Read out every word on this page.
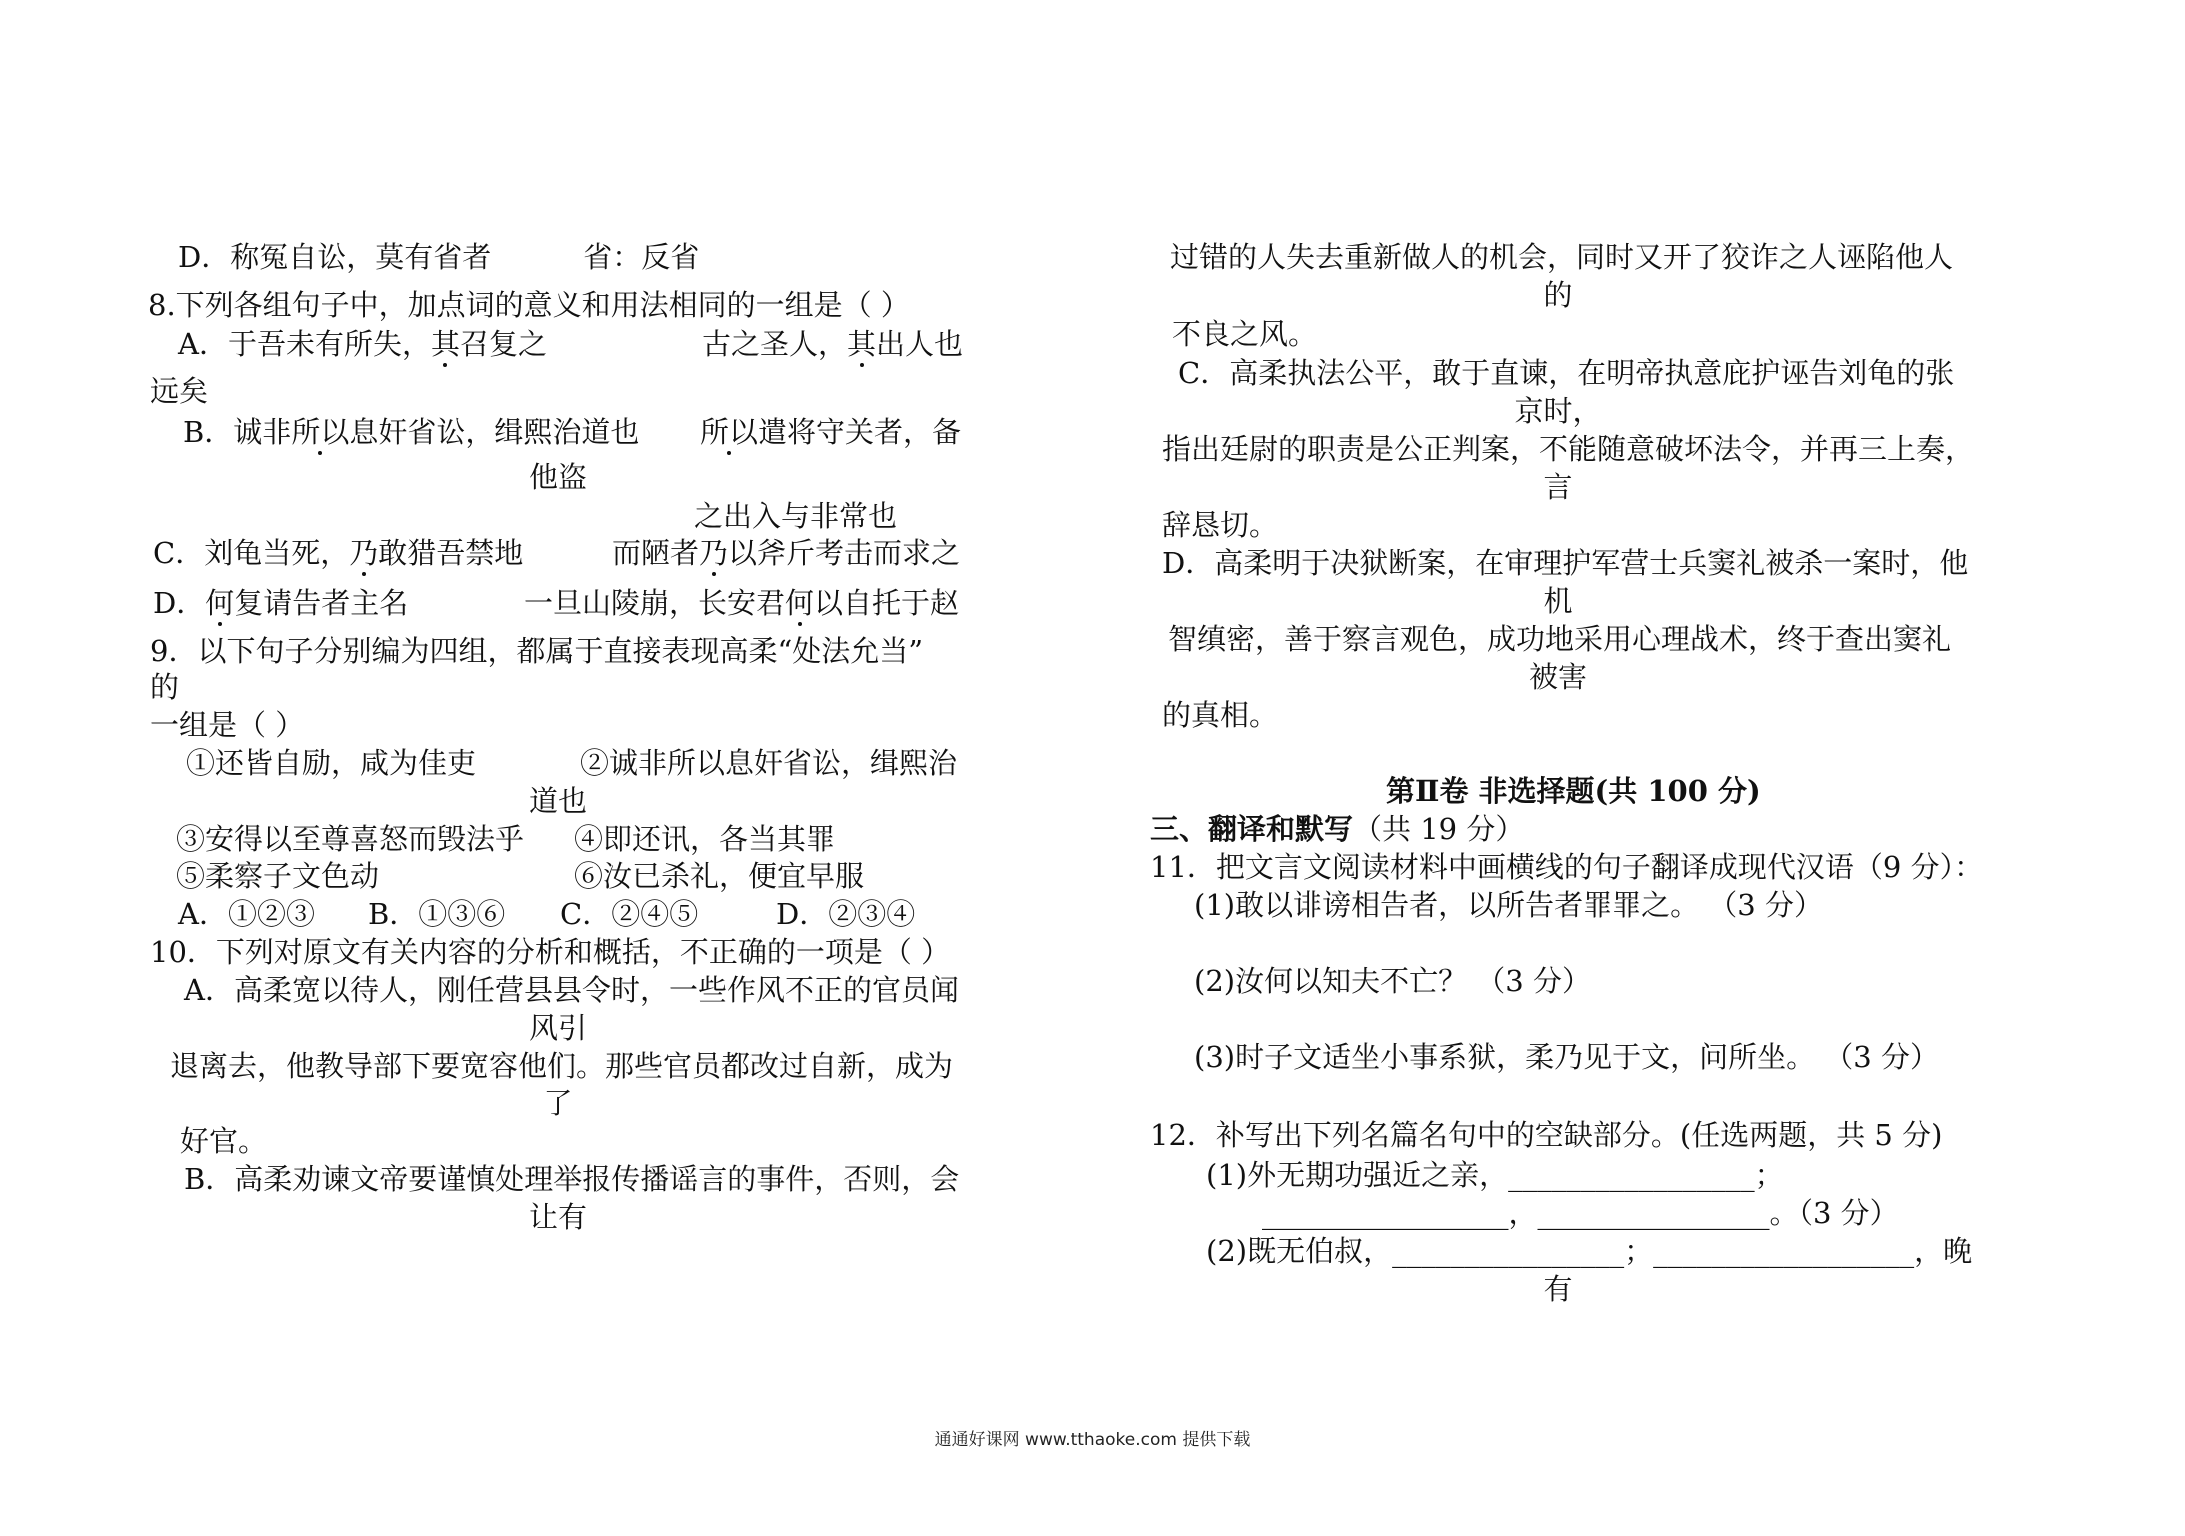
D．称冤自讼，莫有省者	省：反省
8.下列各组句子中，加点词的意义和用法相同的一组是（ ）
A．于吾未有所失，其召复之	古之圣人，其出人也
远矣
B．诚非所以息奸省讼，缉熙治道也 所以遣将守关者，备
他盗
之出入与非常也
C．刘龟当死，乃敢猎吾禁地	而陋者乃以斧斤考击而求之
D．何复请告者主名	一旦山陵崩，长安君何以自托于赵
9．以下句子分别编为四组，都属于直接表现高柔“处法允当”
的
一组是（ ）
①还皆自励，咸为佳吏	②诚非所以息奸省讼，缉熙治
道也
③安得以至尊喜怒而毁法乎 ④即还讯，各当其罪
⑤柔察子文色动	⑥汝已杀礼，便宜早服
A．①②③ B．①③⑥ C．②④⑤	D．②③④
10．下列对原文有关内容的分析和概括，不正确的一项是（ ）
A．高柔宽以待人，刚任营县县令时，一些作风不正的官员闻
风引
退离去，他教导部下要宽容他们。那些官员都改过自新，成为
了
好官。
B．高柔劝谏文帝要谨慎处理举报传播谣言的事件，否则，会
让有
过错的人失去重新做人的机会，同时又开了狡诈之人诬陷他人
的
不良之风。
C．高柔执法公平，敢于直谏，在明帝执意庇护诬告刘龟的张
京时，
指出廷尉的职责是公正判案，不能随意破坏法令，并再三上奏，
言
辞恳切。
D．高柔明于决狱断案，在审理护军营士兵窦礼被杀一案时，他
机
智缜密，善于察言观色，成功地采用心理战术，终于查出窦礼
被害
的真相。
第Ⅱ卷 非选择题(共 100 分)
三、翻译和默写（共 19 分）
11．把文言文阅读材料中画横线的句子翻译成现代汉语（9 分）：
(1)敢以诽谤相告者，以所告者罪罪之。 （3 分）
(2)汝何以知夫不亡？ （3 分）
(3)时子文适坐小事系狱，柔乃见于文，问所坐。 （3 分）
12．补写出下列名篇名句中的空缺部分。(任选两题，共 5 分)
(1)外无期功强近之亲，_________________；
_________________，________________。（3 分）
(2)既无伯叔，________________；__________________，晚
有
通通好课网 www.tthaoke.com 提供下载
